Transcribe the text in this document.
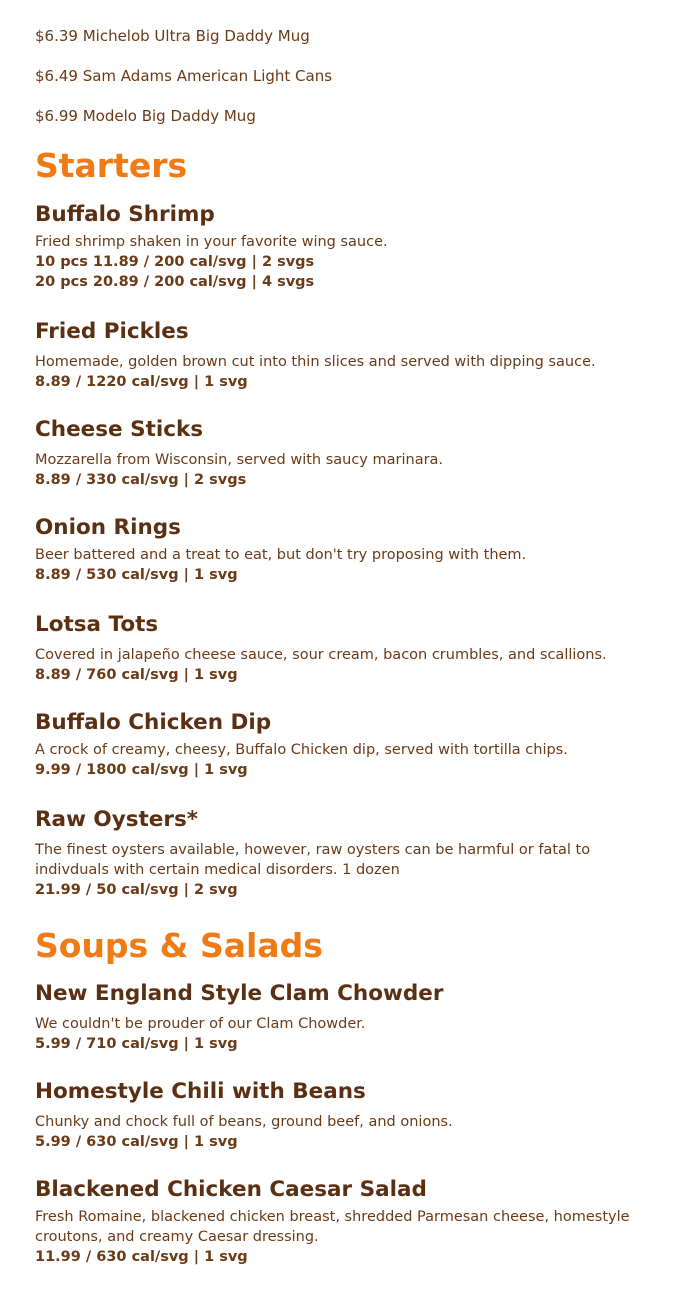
$6.39 Michelob Ultra Big Daddy Mug
$6.49 Sam Adams American Light Cans
$6.99 Modelo Big Daddy Mug
Starters
Buffalo Shrimp
Fried shrimp shaken in your favorite wing sauce.
10 pcs 11.89 / 200 cal/svg | 2 svgs
20 pcs 20.89 / 200 cal/svg | 4 svgs
Fried Pickles
Homemade, golden brown cut into thin slices and served with dipping sauce.
8.89 / 1220 cal/svg | 1 svg
Cheese Sticks
Mozzarella from Wisconsin, served with saucy marinara.
8.89 / 330 cal/svg | 2 svgs
Onion Rings
Beer battered and a treat to eat, but don't try proposing with them.
8.89 / 530 cal/svg | 1 svg
Lotsa Tots
Covered in jalapeño cheese sauce, sour cream, bacon crumbles, and scallions.
8.89 / 760 cal/svg | 1 svg
Buffalo Chicken Dip
A crock of creamy, cheesy, Buffalo Chicken dip, served with tortilla chips.
9.99 / 1800 cal/svg | 1 svg
Raw Oysters*
The finest oysters available, however, raw oysters can be harmful or fatal to indivduals with certain medical disorders. 1 dozen
21.99 / 50 cal/svg | 2 svg
Soups & Salads
New England Style Clam Chowder
We couldn't be prouder of our Clam Chowder.
5.99 / 710 cal/svg | 1 svg
Homestyle Chili with Beans
Chunky and chock full of beans, ground beef, and onions.
5.99 / 630 cal/svg | 1 svg
Blackened Chicken Caesar Salad
Fresh Romaine, blackened chicken breast, shredded Parmesan cheese, homestyle croutons, and creamy Caesar dressing.
11.99 / 630 cal/svg | 1 svg
